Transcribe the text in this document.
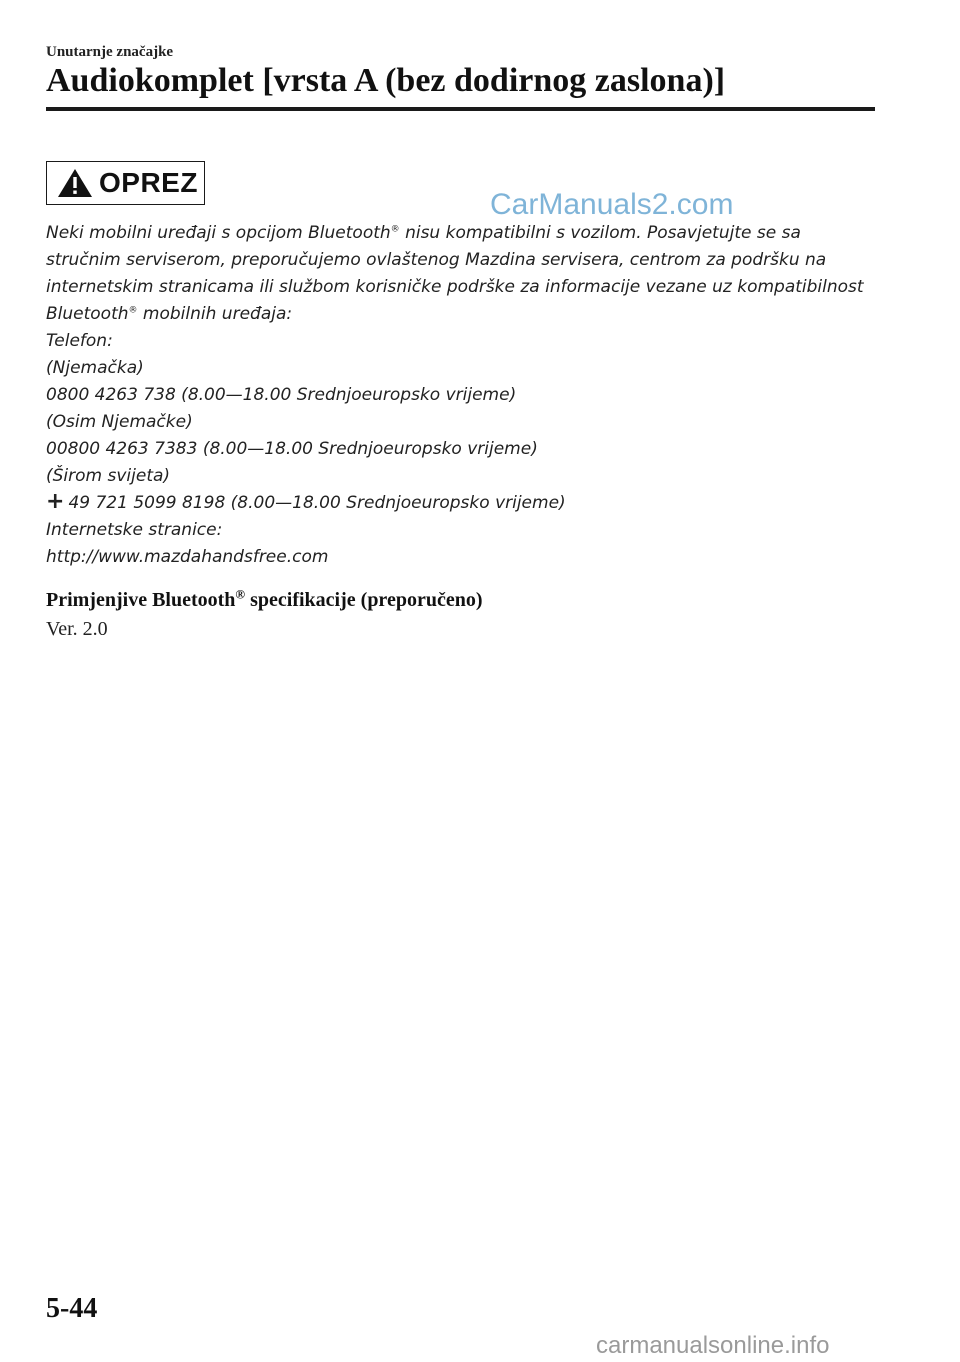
Unutarnje značajke
Audiokomplet [vrsta A (bez dodirnog zaslona)]
OPREZ
CarManuals2.com

Neki mobilni uređaji s opcijom Bluetooth® nisu kompatibilni s vozilom. Posavjetujte se sa stručnim serviserom, preporučujemo ovlaštenog Mazdina servisera, centrom za podršku na internetskim stranicama ili službom korisničke podrške za informacije vezane uz kompatibilnost Bluetooth® mobilnih uređaja:

Telefon:

(Njemačka)

0800 4263 738 (8.00—18.00 Srednjoeuropsko vrijeme)

(Osim Njemačke)

00800 4263 7383 (8.00—18.00 Srednjoeuropsko vrijeme)

(Širom svijeta)

+ 49 721 5099 8198 (8.00—18.00 Srednjoeuropsko vrijeme)

Internetske stranice:

http://www.mazdahandsfree.com

Primjenjive Bluetooth® specifikacije (preporučeno)
Ver. 2.0
5-44
carmanualsonline.info
